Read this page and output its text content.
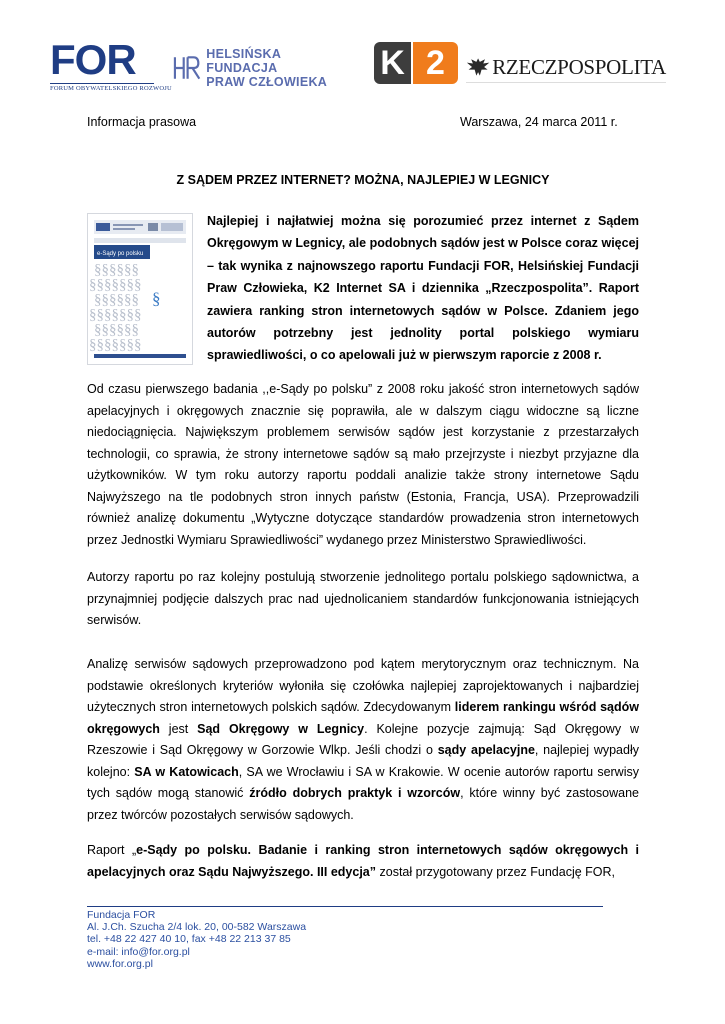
FOR
FORUM OBYWATELSKIEGO ROZWOJU
HELSIŃSKA FUNDACJA
PRAW CZŁOWIEKA
K 2	RZECZPOSPOLITA
Informacja prasowa	Warszawa, 24 marca 2011 r.
Z SĄDEM PRZEZ INTERNET? MOŻNA, NAJLEPIEJ W LEGNICY
e-Sądy po polsku
§§§§§§
§§§§§§§
§§§§§§
§§§§§§§
§§§§§§
§§§§§§§
§
Najlepiej i najłatwiej można się porozumieć przez internet z Sądem Okręgowym w Legnicy, ale podobnych sądów jest w Polsce coraz więcej – tak wynika z najnowszego raportu Fundacji FOR, Helsińskiej Fundacji Praw Człowieka, K2 Internet SA i dziennika „Rzeczpospolita”. Raport zawiera ranking stron internetowych sądów w Polsce. Zdaniem jego autorów potrzebny jest jednolity portal polskiego wymiaru sprawiedliwości, o co apelowali już w pierwszym raporcie z 2008 r.
Od czasu pierwszego badania ,,e-Sądy po polsku” z 2008 roku jakość stron internetowych sądów apelacyjnych i okręgowych znacznie się poprawiła, ale w dalszym ciągu widoczne są liczne niedociągnięcia. Największym problemem serwisów sądów jest korzystanie z przestarzałych technologii, co sprawia, że strony internetowe sądów są mało przejrzyste i niezbyt przyjazne dla użytkowników. W tym roku autorzy raportu poddali analizie także strony internetowe Sądu Najwyższego na tle podobnych stron innych państw (Estonia, Francja, USA). Przeprowadzili również analizę dokumentu „Wytyczne dotyczące standardów prowadzenia stron internetowych przez Jednostki Wymiaru Sprawiedliwości” wydanego przez Ministerstwo Sprawiedliwości.
Autorzy raportu po raz kolejny postulują stworzenie jednolitego portalu polskiego sądownictwa, a przynajmniej podjęcie dalszych prac nad ujednolicaniem standardów funkcjonowania istniejących serwisów.
Analizę serwisów sądowych przeprowadzono pod kątem merytorycznym oraz technicznym. Na podstawie określonych kryteriów wyłoniła się czołówka najlepiej zaprojektowanych i najbardziej użytecznych stron internetowych polskich sądów. Zdecydowanym liderem rankingu wśród sądów okręgowych jest Sąd Okręgowy w Legnicy. Kolejne pozycje zajmują: Sąd Okręgowy w Rzeszowie i Sąd Okręgowy w Gorzowie Wlkp. Jeśli chodzi o sądy apelacyjne, najlepiej wypadły kolejno: SA w Katowicach, SA we Wrocławiu i SA w Krakowie. W ocenie autorów raportu serwisy tych sądów mogą stanowić źródło dobrych praktyk i wzorców, które winny być zastosowane przez twórców pozostałych serwisów sądowych.
Raport „e-Sądy po polsku. Badanie i ranking stron internetowych sądów okręgowych i apelacyjnych oraz Sądu Najwyższego. III edycja” został przygotowany przez Fundację FOR,
Fundacja FOR
Al. J.Ch. Szucha 2/4 lok. 20, 00-582 Warszawa
tel. +48 22 427 40 10, fax +48 22 213 37 85
e-mail: info@for.org.pl
www.for.org.pl
